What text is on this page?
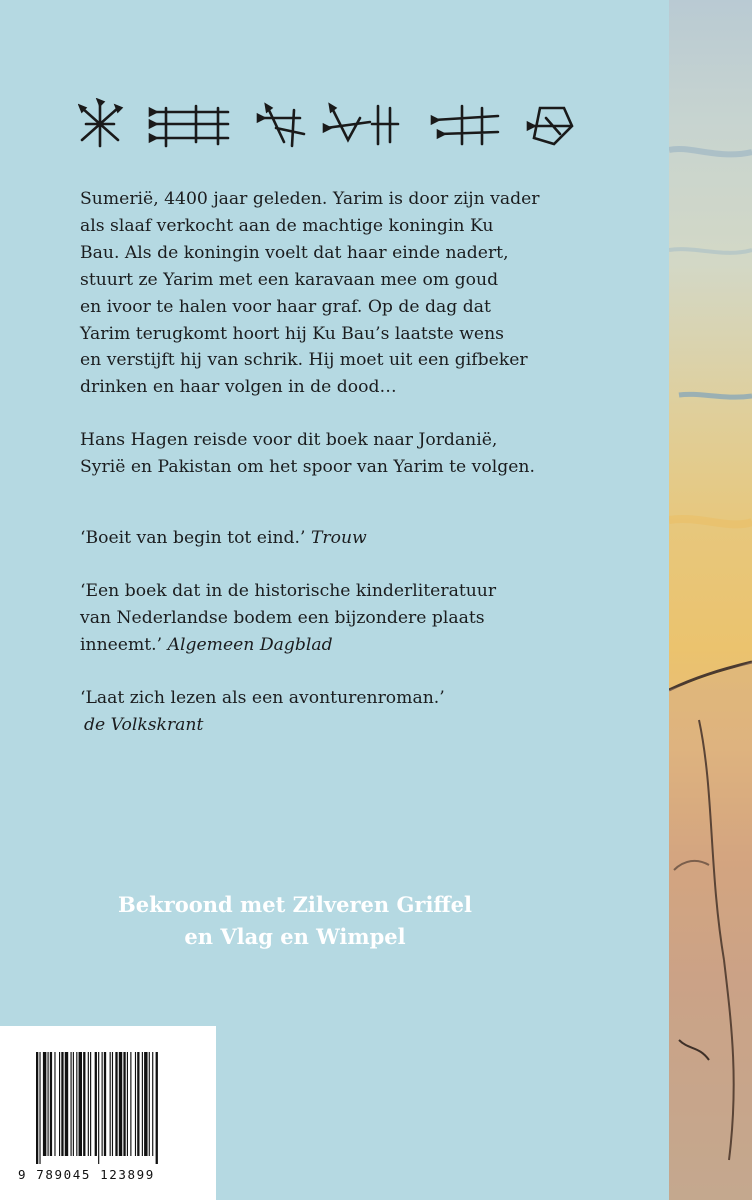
Sumerië, 4400 jaar geleden. Yarim is door zijn vader

als slaaf verkocht aan de machtige koningin Ku

Bau. Als de koningin voelt dat haar einde nadert,

stuurt ze Yarim met een karavaan mee om goud

en ivoor te halen voor haar graf. Op de dag dat

Yarim terugkomt hoort hij Ku Bau’s laatste wens

en verstijft hij van schrik. Hij moet uit een gifbeker

drinken en haar volgen in de dood…

Hans Hagen reisde voor dit boek naar Jordanië,

Syrië en Pakistan om het spoor van Yarim te volgen.

‘Boeit van begin tot eind.’ Trouw

‘Een boek dat in de historische kinderliteratuur

van Nederlandse bodem een bijzondere plaats

inneemt.’ Algemeen Dagblad

‘Laat zich lezen als een avonturenroman.’

de Volkskrant

Bekroond met Zilveren Griffel
en Vlag en Wimpel
9 789045 123899
